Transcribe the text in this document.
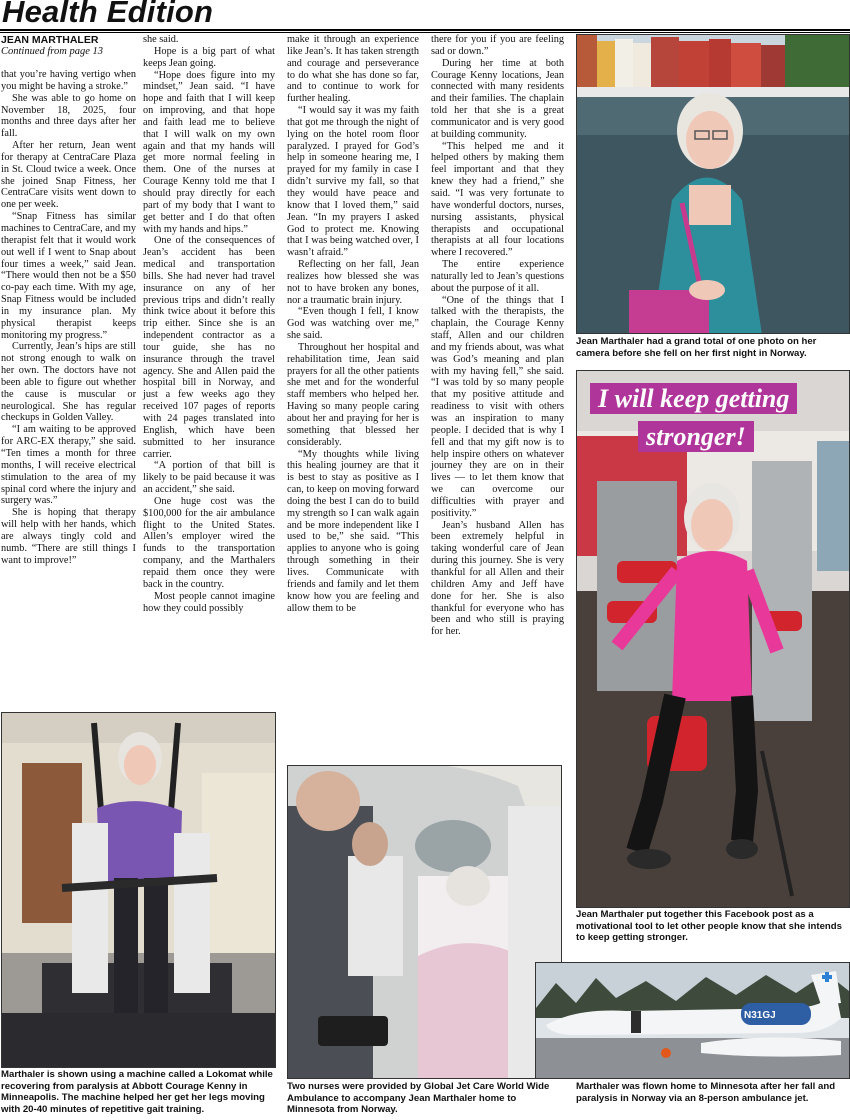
Health Edition

JEAN MARTHALER

Continued from page 13

that you’re having vertigo when you might be having a stroke.”

She was able to go home on November 18, 2025, four months and three days after her fall.

After her return, Jean went for therapy at CentraCare Plaza in St. Cloud twice a week. Once she joined Snap Fitness, her CentraCare visits went down to one per week.

“Snap Fitness has similar machines to CentraCare, and my therapist felt that it would work out well if I went to Snap about four times a week,” said Jean. “There would then not be a $50 co-pay each time. With my age, Snap Fitness would be included in my insurance plan. My physical therapist keeps monitoring my progress.”

Currently, Jean’s hips are still not strong enough to walk on her own. The doctors have not been able to figure out whether the cause is muscular or neurological. She has regular checkups in Golden Valley.

“I am waiting to be approved for ARC-EX therapy,” she said. “Ten times a month for three months, I will receive electrical stimulation to the area of my spinal cord where the injury and surgery was.”

She is hoping that therapy will help with her hands, which are always tingly cold and numb. “There are still things I want to improve!”

she said.

Hope is a big part of what keeps Jean going.

“Hope does figure into my mindset,” Jean said. “I have hope and faith that I will keep on improving, and that hope and faith lead me to believe that I will walk on my own again and that my hands will get more normal feeling in them. One of the nurses at Courage Kenny told me that I should pray directly for each part of my body that I want to get better and I do that often with my hands and hips.”

One of the consequences of Jean’s accident has been medical and transportation bills. She had never had travel insurance on any of her previous trips and didn’t really think twice about it before this trip either. Since she is an independent contractor as a tour guide, she has no insurance through the travel agency. She and Allen paid the hospital bill in Norway, and just a few weeks ago they received 107 pages of reports with 24 pages translated into English, which have been submitted to her insurance carrier.

“A portion of that bill is likely to be paid because it was an accident,” she said.

One huge cost was the $100,000 for the air ambulance flight to the United States. Allen’s employer wired the funds to the transportation company, and the Marthalers repaid them once they were back in the country.

Most people cannot imagine how they could possibly

make it through an experience like Jean’s. It has taken strength and courage and perseverance to do what she has done so far, and to continue to work for further healing.

“I would say it was my faith that got me through the night of lying on the hotel room floor paralyzed. I prayed for God’s help in someone hearing me, I prayed for my family in case I didn’t survive my fall, so that they would have peace and know that I loved them,” said Jean. “In my prayers I asked God to protect me. Knowing that I was being watched over, I wasn’t afraid.”

Reflecting on her fall, Jean realizes how blessed she was not to have broken any bones, nor a traumatic brain injury.

“Even though I fell, I know God was watching over me,” she said.

Throughout her hospital and rehabilitation time, Jean said prayers for all the other patients she met and for the wonderful staff members who helped her. Having so many people caring about her and praying for her is something that blessed her considerably.

“My thoughts while living this healing journey are that it is best to stay as positive as I can, to keep on moving forward doing the best I can do to build my strength so I can walk again and be more independent like I used to be,” she said. “This applies to anyone who is going through something in their lives. Communicate with friends and family and let them know how you are feeling and allow them to be

there for you if you are feeling sad or down.”

During her time at both Courage Kenny locations, Jean connected with many residents and their families. The chaplain told her that she is a great communicator and is very good at building community.

“This helped me and it helped others by making them feel important and that they knew they had a friend,” she said. “I was very fortunate to have wonderful doctors, nurses, nursing assistants, physical therapists and occupational therapists at all four locations where I recovered.”

The entire experience naturally led to Jean’s questions about the purpose of it all.

“One of the things that I talked with the therapists, the chaplain, the Courage Kenny staff, Allen and our children and my friends about, was what was God’s meaning and plan with my having fell,” she said. “I was told by so many people that my positive attitude and readiness to visit with others was an inspiration to many people. I decided that is why I fell and that my gift now is to help inspire others on whatever journey they are on in their lives — to let them know that we can overcome our difficulties with prayer and positivity.”

Jean’s husband Allen has been extremely helpful in taking wonderful care of Jean during this journey. She is very thankful for all Allen and their children Amy and Jeff have done for her. She is also thankful for everyone who has been and who still is praying for her.

Jean Marthaler had a grand total of one photo on her camera before she fell on her first night in Norway.
I will keep getting
stronger!
Jean Marthaler put together this Facebook post as a motivational tool to let other people know that she intends to keep getting stronger.
Marthaler is shown using a machine called a Lokomat while recovering from paralysis at Abbott Courage Kenny in Minneapolis. The machine helped her get her legs moving with 20-40 minutes of repetitive gait training.
Two nurses were provided by Global Jet Care World Wide Ambulance to accompany Jean Marthaler home to Minnesota from Norway.
N31GJ
Marthaler was flown home to Minnesota after her fall and paralysis in Norway via an 8-person ambulance jet.
